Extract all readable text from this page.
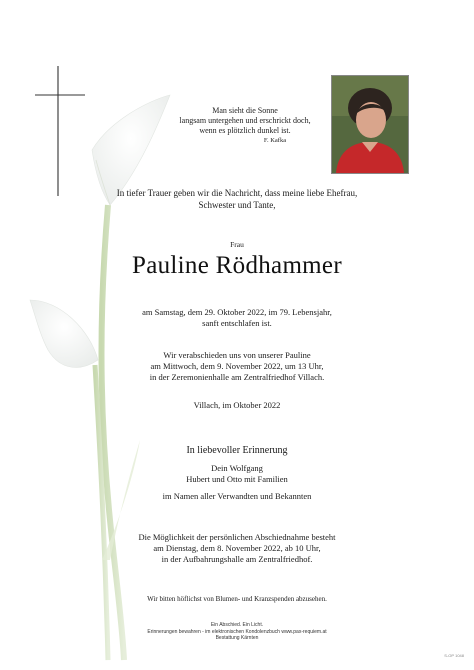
Man sieht die Sonne
langsam untergehen und erschrickt doch,
wenn es plötzlich dunkel ist.
F. Kafka
In tiefer Trauer geben wir die Nachricht, dass meine liebe Ehefrau,
Schwester und Tante,
Frau
Pauline Rödhammer
am Samstag, dem 29. Oktober 2022, im 79. Lebensjahr,
sanft entschlafen ist.
Wir verabschieden uns von unserer Pauline
am Mittwoch, dem 9. November 2022, um 13 Uhr,
in der Zeremonienhalle am Zentralfriedhof Villach.
Villach, im Oktober 2022
In liebevoller Erinnerung
Dein Wolfgang
Hubert und Otto mit Familien
im Namen aller Verwandten und Bekannten
Die Möglichkeit der persönlichen Abschiednahme besteht
am Dienstag, dem 8. November 2022, ab 10 Uhr,
in der Aufbahrungshalle am Zentralfriedhof.
Wir bitten höflichst von Blumen- und Kranzspenden abzusehen.
Ein Abschied. Ein Licht.
Erinnerungen bewahren - im elektronischen Kondolenzbuch www.pax-requiem.at
Bestattung Kärnten
S-OP 1048
